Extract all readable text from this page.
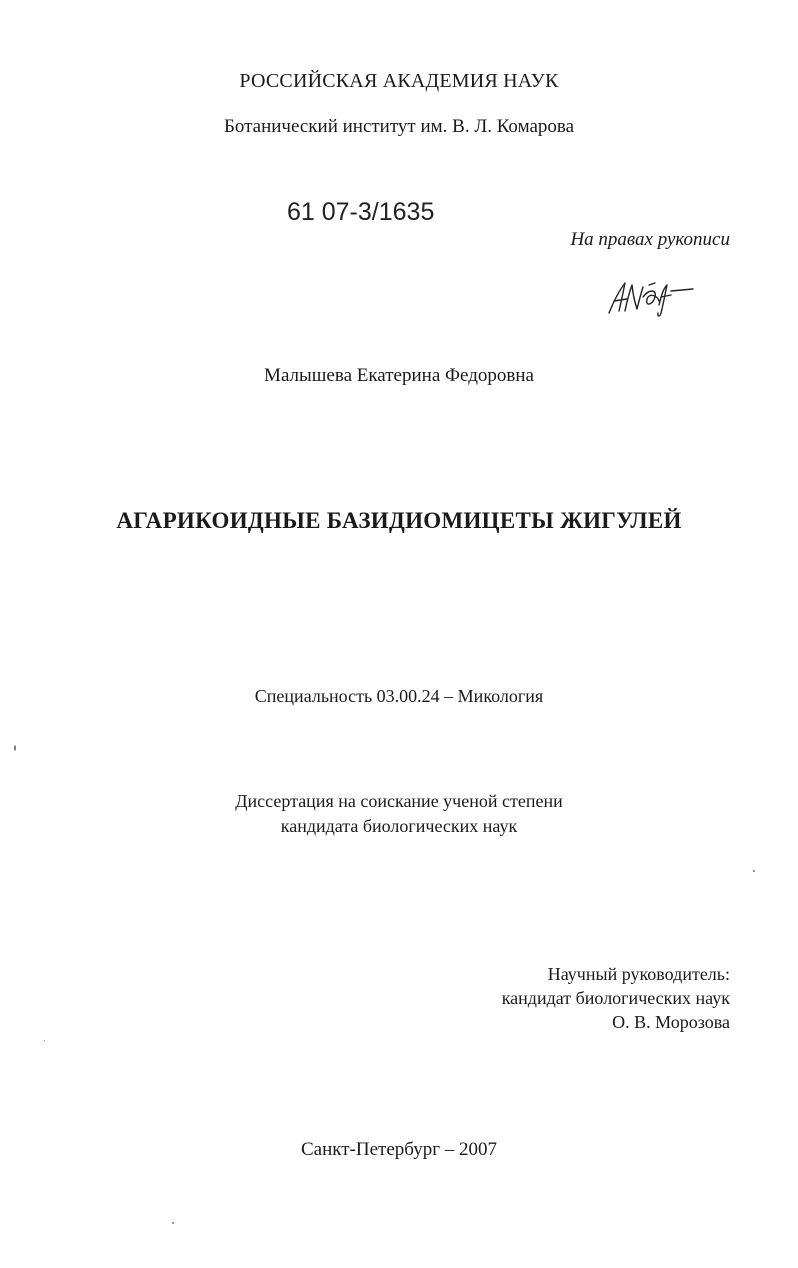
РОССИЙСКАЯ АКАДЕМИЯ НАУК
Ботанический институт им. В. Л. Комарова
61 07-3/1635
На правах рукописи
Малышева Екатерина Федоровна
АГАРИКОИДНЫЕ БАЗИДИОМИЦЕТЫ ЖИГУЛЕЙ
Специальность 03.00.24 – Микология
Диссертация на соискание ученой степени
кандидата биологических наук
Научный руководитель:
кандидат биологических наук
О. В. Морозова
Санкт-Петербург – 2007
